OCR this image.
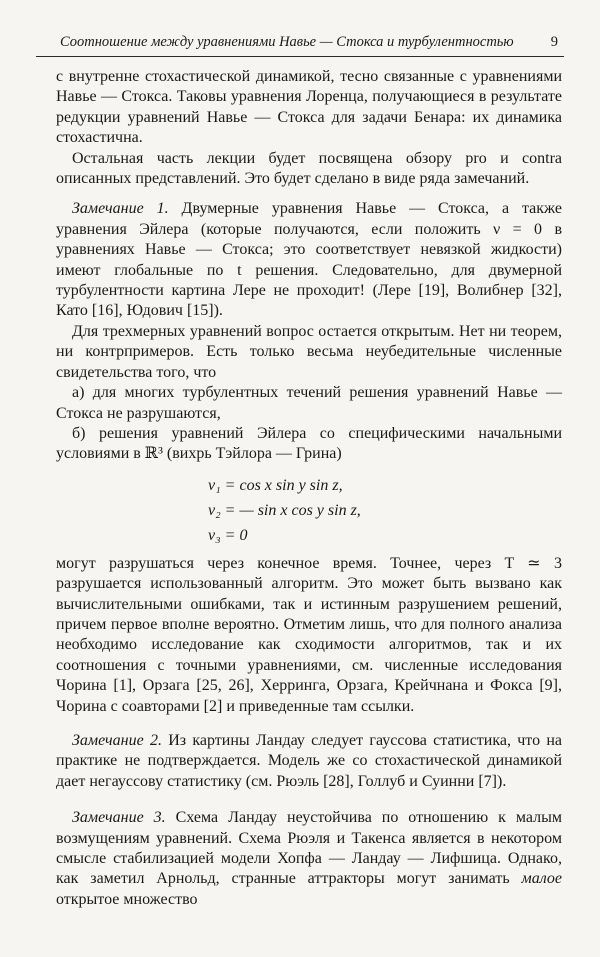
Соотношение между уравнениями Навье — Стокса и турбулентностью	9

с внутренне стохастической динамикой, тесно связанные с уравнениями Навье — Стокса. Таковы уравнения Лоренца, получающиеся в результате редукции уравнений Навье — Стокса для задачи Бенара: их динамика стохастична.

Остальная часть лекции будет посвящена обзору pro и contra описанных представлений. Это будет сделано в виде ряда замечаний.

Замечание 1. Двумерные уравнения Навье — Стокса, а также уравнения Эйлера (которые получаются, если положить ν = 0 в уравнениях Навье — Стокса; это соответствует невязкой жидкости) имеют глобальные по t решения. Следовательно, для двумерной турбулентности картина Лере не проходит! (Лере [19], Волибнер [32], Като [16], Юдович [15]).

Для трехмерных уравнений вопрос остается открытым. Нет ни теорем, ни контрпримеров. Есть только весьма неубедительные численные свидетельства того, что

а) для многих турбулентных течений решения уравнений Навье — Стокса не разрушаются,

б) решения уравнений Эйлера со специфическими начальными условиями в ℝ³ (вихрь Тэйлора — Грина)

v₁ = cos x sin y sin z,
v₂ = — sin x cos y sin z,
v₃ = 0

могут разрушаться через конечное время. Точнее, через T ≃ 3 разрушается использованный алгоритм. Это может быть вызвано как вычислительными ошибками, так и истинным разрушением решений, причем первое вполне вероятно. Отметим лишь, что для полного анализа необходимо исследование как сходимости алгоритмов, так и их соотношения с точными уравнениями, см. численные исследования Чорина [1], Орзага [25, 26], Херринга, Орзага, Крейчнана и Фокса [9], Чорина с соавторами [2] и приведенные там ссылки.

Замечание 2. Из картины Ландау следует гауссова статистика, что на практике не подтверждается. Модель же со стохастической динамикой дает негауссову статистику (см. Рюэль [28], Голлуб и Суинни [7]).

Замечание 3. Схема Ландау неустойчива по отношению к малым возмущениям уравнений. Схема Рюэля и Такенса является в некотором смысле стабилизацией модели Хопфа — Ландау — Лифшица. Однако, как заметил Арнольд, странные аттракторы могут занимать малое открытое множество
